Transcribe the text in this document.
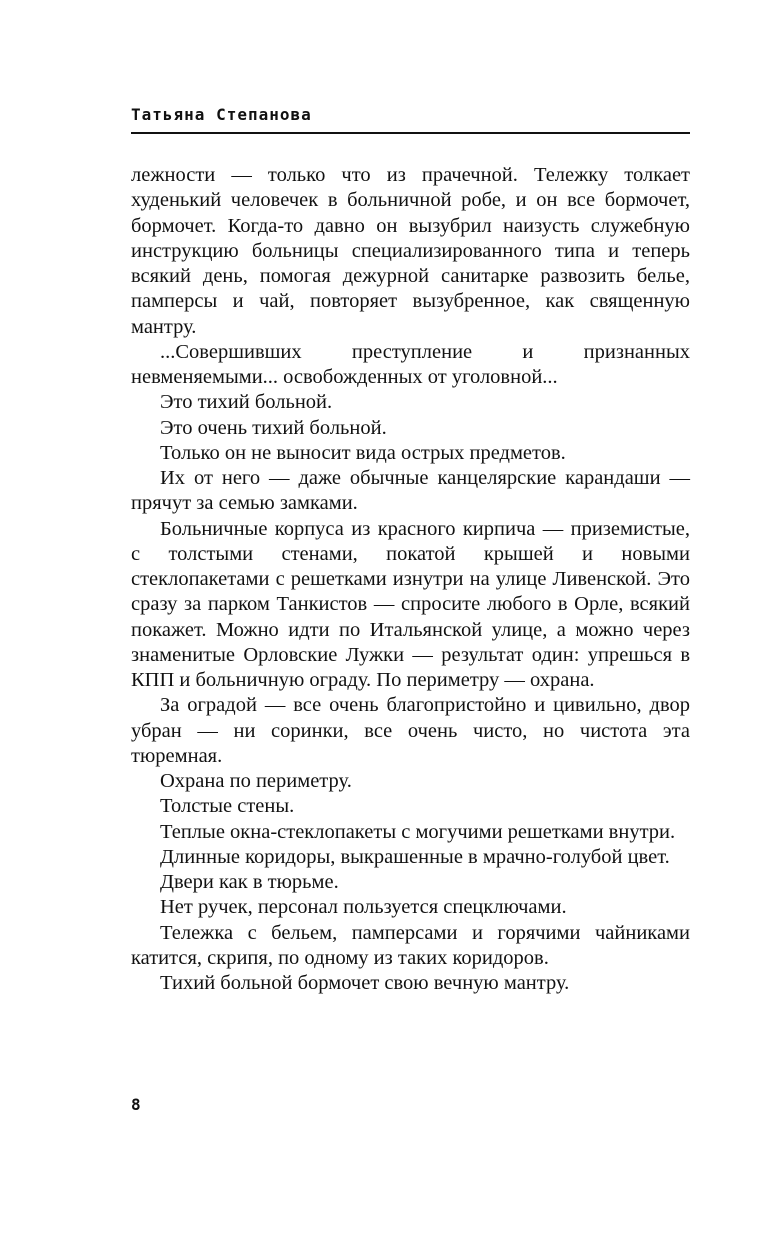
Татьяна Степанова

лежности — только что из прачечной. Тележку толкает худенький человечек в больничной робе, и он все бормочет, бормочет. Когда-то давно он вызубрил наизусть служебную инструкцию больницы специализированного типа и теперь всякий день, помогая дежурной санитарке развозить белье, памперсы и чай, повторяет вызубренное, как священную мантру.

...Совершивших преступление и признанных невменяемыми... освобожденных от уголовной...

Это тихий больной.

Это очень тихий больной.

Только он не выносит вида острых предметов.

Их от него — даже обычные канцелярские карандаши — прячут за семью замками.

Больничные корпуса из красного кирпича — приземистые, с толстыми стенами, покатой крышей и новыми стеклопакетами с решетками изнутри на улице Ливенской. Это сразу за парком Танкистов — спросите любого в Орле, всякий покажет. Можно идти по Итальянской улице, а можно через знаменитые Орловские Лужки — результат один: упрешься в КПП и больничную ограду. По периметру — охрана.

За оградой — все очень благопристойно и цивильно, двор убран — ни соринки, все очень чисто, но чистота эта тюремная.

Охрана по периметру.

Толстые стены.

Теплые окна-стеклопакеты с могучими решетками внутри.

Длинные коридоры, выкрашенные в мрачно-голубой цвет.

Двери как в тюрьме.

Нет ручек, персонал пользуется спецключами.

Тележка с бельем, памперсами и горячими чайниками катится, скрипя, по одному из таких коридоров.

Тихий больной бормочет свою вечную мантру.

8
